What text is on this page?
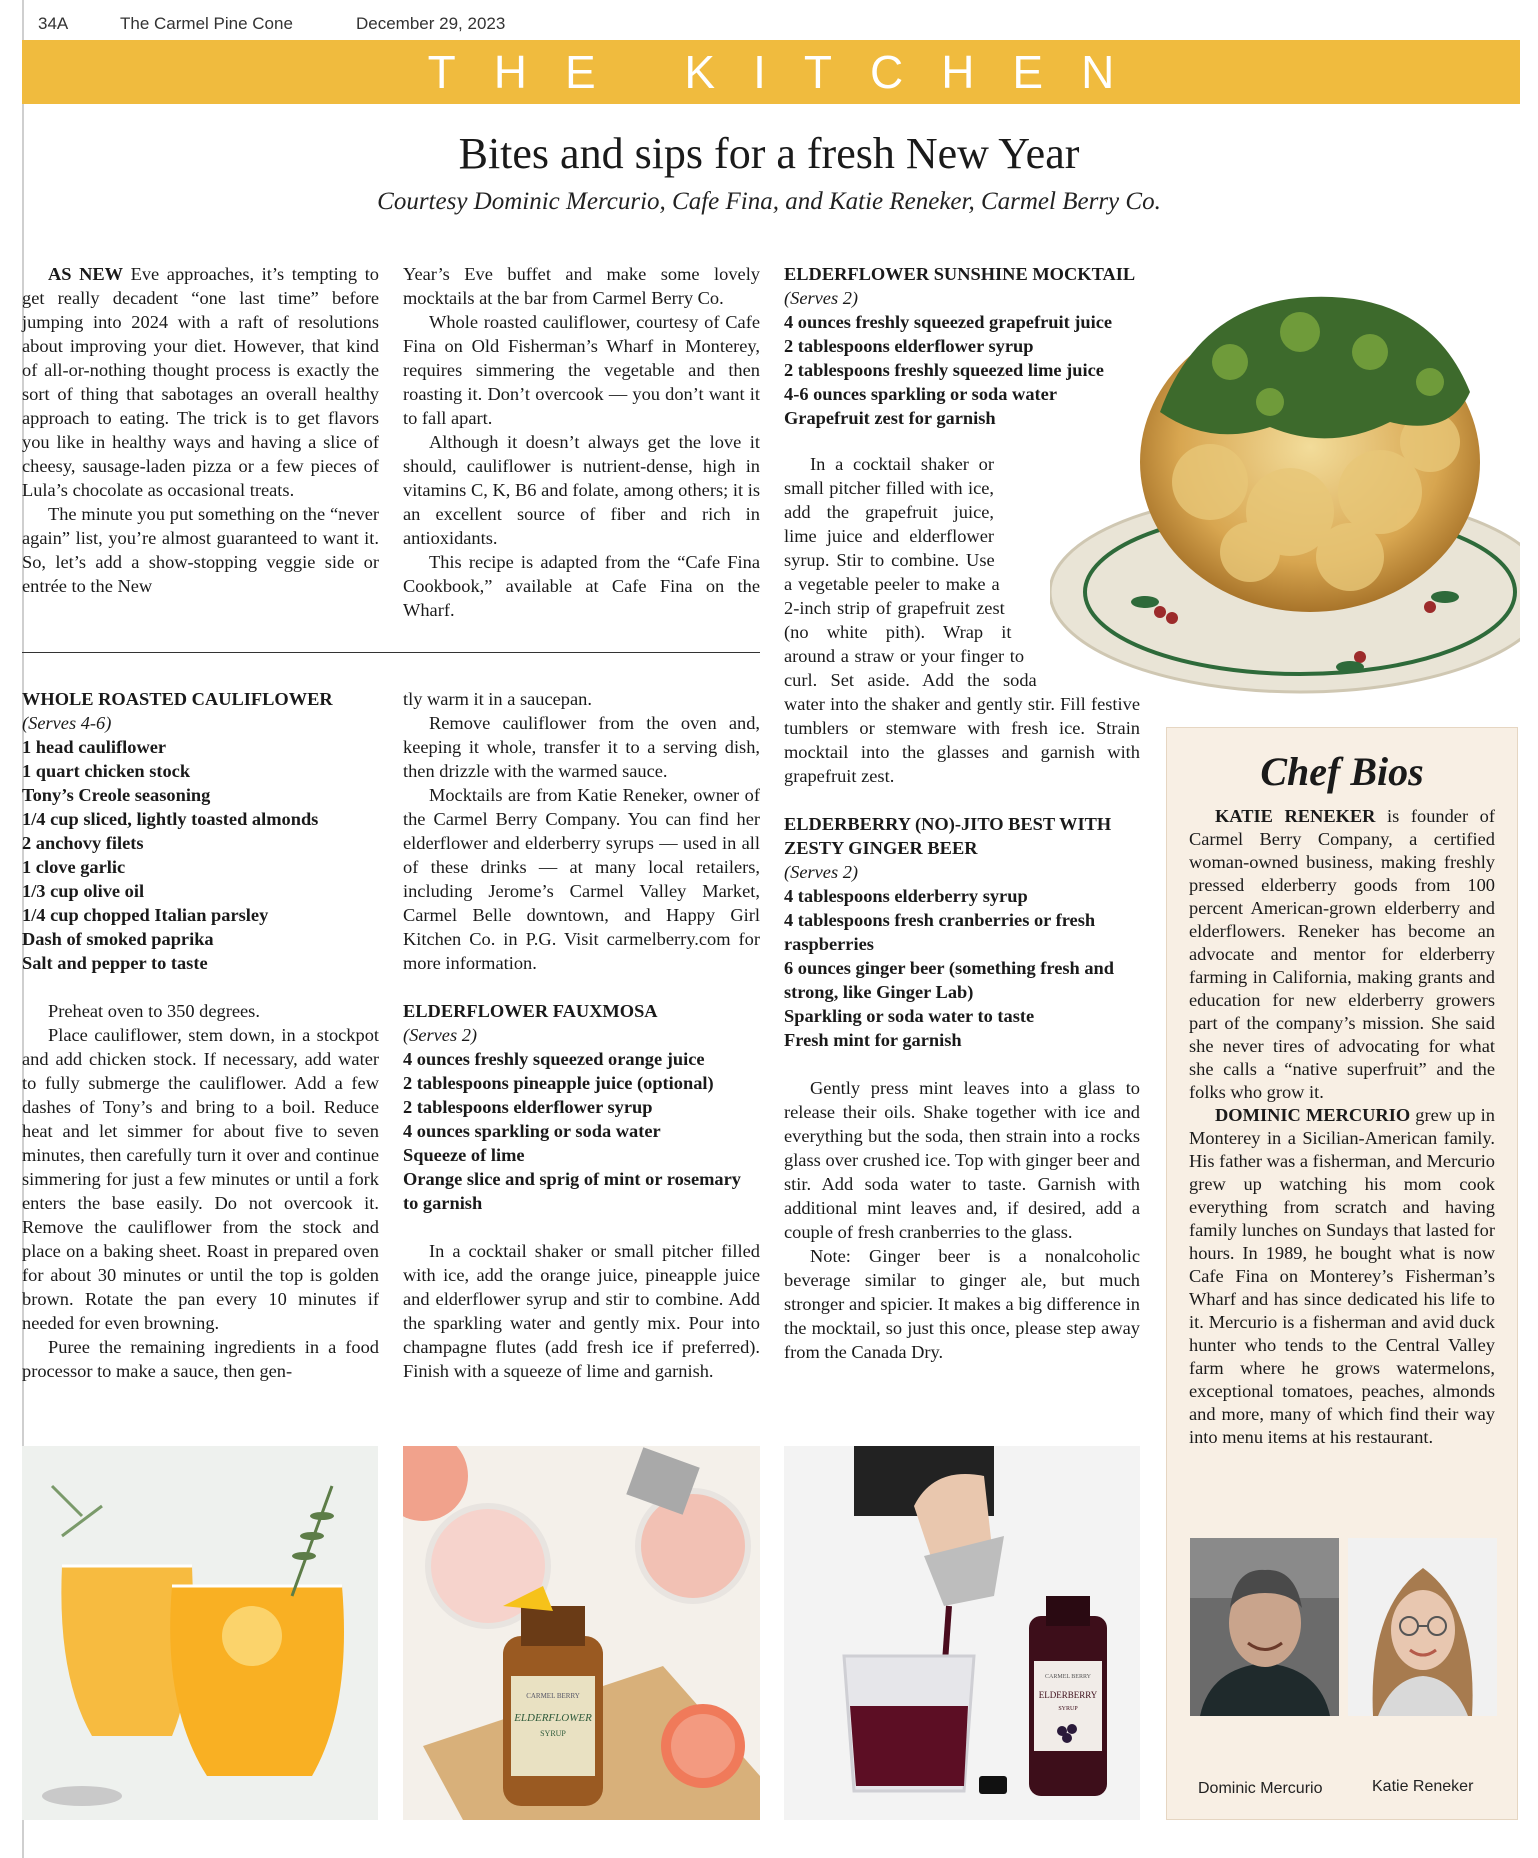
34A	The Carmel Pine Cone	December 29, 2023
THE KITCHEN
Bites and sips for a fresh New Year
Courtesy Dominic Mercurio, Cafe Fina, and Katie Reneker, Carmel Berry Co.

AS NEW Eve approaches, it’s tempting to get really decadent “one last time” before jumping into 2024 with a raft of resolutions about improving your diet. However, that kind of all-or-nothing thought process is exactly the sort of thing that sabotages an overall healthy approach to eating. The trick is to get flavors you like in healthy ways and having a slice of cheesy, sausage-laden pizza or a few pieces of Lula’s chocolate as occasional treats.

The minute you put something on the “never again” list, you’re almost guaranteed to want it. So, let’s add a show-stopping veggie side or entrée to the New

Year’s Eve buffet and make some lovely mocktails at the bar from Carmel Berry Co.

Whole roasted cauliflower, courtesy of Cafe Fina on Old Fisherman’s Wharf in Monterey, requires simmering the vegetable and then roasting it. Don’t overcook — you don’t want it to fall apart.

Although it doesn’t always get the love it should, cauliflower is nutrient-dense, high in vitamins C, K, B6 and folate, among others; it is an excellent source of fiber and rich in antioxidants.

This recipe is adapted from the “Cafe Fina Cookbook,” available at Cafe Fina on the Wharf.

WHOLE ROASTED CAULIFLOWER
(Serves 4-6)
1 head cauliflower
1 quart chicken stock
Tony’s Creole seasoning
1/4 cup sliced, lightly toasted almonds
2 anchovy filets
1 clove garlic
1/3 cup olive oil
1/4 cup chopped Italian parsley
Dash of smoked paprika
Salt and pepper to taste

Preheat oven to 350 degrees.

Place cauliflower, stem down, in a stockpot and add chicken stock. If necessary, add water to fully submerge the cauliflower. Add a few dashes of Tony’s and bring to a boil. Reduce heat and let simmer for about five to seven minutes, then carefully turn it over and continue simmering for just a few minutes or until a fork enters the base easily. Do not overcook it. Remove the cauliflower from the stock and place on a baking sheet. Roast in prepared oven for about 30 minutes or until the top is golden brown. Rotate the pan every 10 minutes if needed for even browning.

Puree the remaining ingredients in a food processor to make a sauce, then gen-

tly warm it in a saucepan.

Remove cauliflower from the oven and, keeping it whole, transfer it to a serving dish, then drizzle with the warmed sauce.

Mocktails are from Katie Reneker, owner of the Carmel Berry Company. You can find her elderflower and elderberry syrups — used in all of these drinks — at many local retailers, including Jerome’s Carmel Valley Market, Carmel Belle downtown, and Happy Girl Kitchen Co. in P.G. Visit carmelberry.com for more information.

ELDERFLOWER FAUXMOSA
(Serves 2)
4 ounces freshly squeezed orange juice
2 tablespoons pineapple juice (optional)
2 tablespoons elderflower syrup
4 ounces sparkling or soda water
Squeeze of lime
Orange slice and sprig of mint or rosemary to garnish

In a cocktail shaker or small pitcher filled with ice, add the orange juice, pineapple juice and elderflower syrup and stir to combine. Add the sparkling water and gently mix. Pour into champagne flutes (add fresh ice if preferred). Finish with a squeeze of lime and garnish.

ELDERFLOWER SUNSHINE MOCKTAIL
(Serves 2)
4 ounces freshly squeezed grapefruit juice
2 tablespoons elderflower syrup
2 tablespoons freshly squeezed lime juice
4-6 ounces sparkling or soda water
Grapefruit zest for garnish

In a cocktail shaker or small pitcher filled with ice, add the grapefruit juice, lime juice and elderflower syrup. Stir to combine. Use a vegetable peeler to make a 2-inch strip of grapefruit zest (no white pith). Wrap it around a straw or your finger to curl. Set aside. Add the soda water into the shaker and gently stir. Fill festive tumblers or stemware with fresh ice. Strain mocktail into the glasses and garnish with grapefruit zest.

ELDERBERRY (NO)-JITO BEST WITH ZESTY GINGER BEER
(Serves 2)
4 tablespoons elderberry syrup
4 tablespoons fresh cranberries or fresh raspberries
6 ounces ginger beer (something fresh and strong, like Ginger Lab)
Sparkling or soda water to taste
Fresh mint for garnish

Gently press mint leaves into a glass to release their oils. Shake together with ice and everything but the soda, then strain into a rocks glass over crushed ice. Top with ginger beer and stir. Add soda water to taste. Garnish with additional mint leaves and, if desired, add a couple of fresh cranberries to the glass.

Note: Ginger beer is a nonalcoholic beverage similar to ginger ale, but much stronger and spicier. It makes a big difference in the mocktail, so just this once, please step away from the Canada Dry.

CARMEL BERRY
ELDERFLOWER
SYRUP
CARMEL BERRY
ELDERBERRY
SYRUP
Chef Bios

KATIE RENEKER is founder of Carmel Berry Company, a certified woman-owned business, making freshly pressed elderberry goods from 100 percent American-grown elderberry and elderflowers. Reneker has become an advocate and mentor for elderberry farming in California, making grants and education for new elderberry growers part of the company’s mission. She said she never tires of advocating for what she calls a “native superfruit” and the folks who grow it.

DOMINIC MERCURIO grew up in Monterey in a Sicilian-American family. His father was a fisherman, and Mercurio grew up watching his mom cook everything from scratch and having family lunches on Sundays that lasted for hours. In 1989, he bought what is now Cafe Fina on Monterey’s Fisherman’s Wharf and has since dedicated his life to it. Mercurio is a fisherman and avid duck hunter who tends to the Central Valley farm where he grows watermelons, exceptional tomatoes, peaches, almonds and more, many of which find their way into menu items at his restaurant.

Dominic Mercurio	Katie Reneker
